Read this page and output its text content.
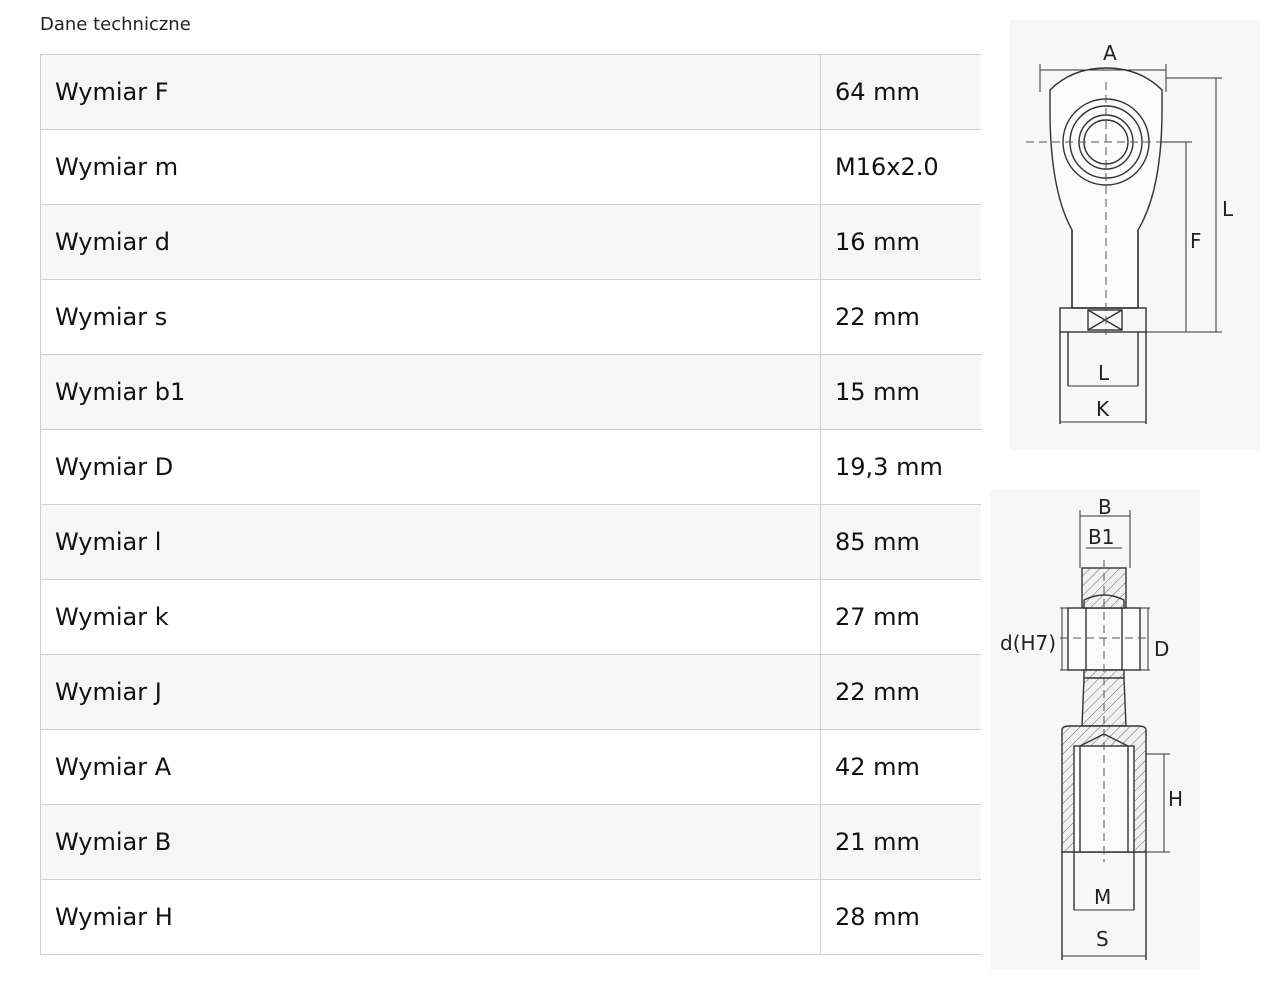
Dane techniczne
Wymiar F	64 mm
Wymiar m	M16x2.0
Wymiar d	16 mm
Wymiar s	22 mm
Wymiar b1	15 mm
Wymiar D	19,3 mm
Wymiar l	85 mm
Wymiar k	27 mm
Wymiar J	22 mm
Wymiar A	42 mm
Wymiar B	21 mm
Wymiar H	28 mm
A
L
F
L
K
B
B1
d(H7)	D
H
M
S
